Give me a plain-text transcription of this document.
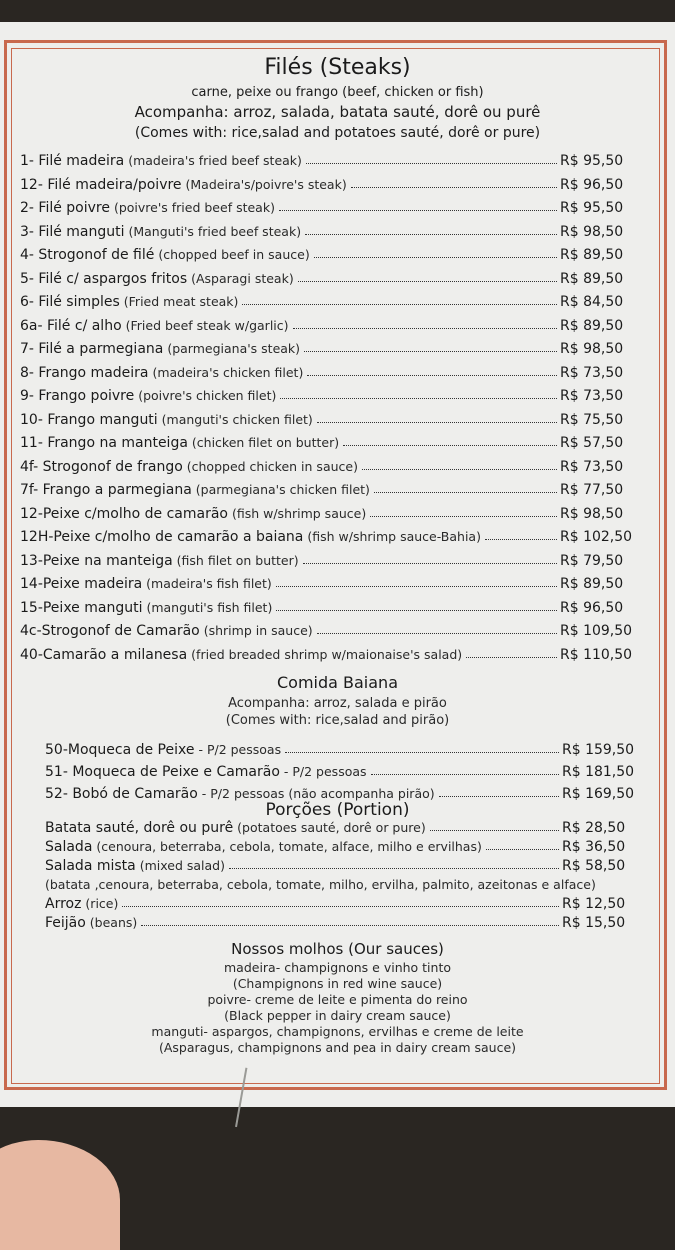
Filés (Steaks)
carne, peixe ou frango (beef, chicken or fish)
Acompanha: arroz, salada, batata sauté, dorê ou purê
(Comes with: rice,salad and potatoes sauté, dorê or pure)
1- Filé madeira (madeira's fried beef steak)	R$ 95,50
12- Filé madeira/poivre (Madeira's/poivre's steak)	R$ 96,50
2- Filé poivre (poivre's fried beef steak)	R$ 95,50
3- Filé manguti (Manguti's fried beef steak)	R$ 98,50
4- Strogonof de filé (chopped beef in sauce)	R$ 89,50
5- Filé c/ aspargos fritos (Asparagi steak)	R$ 89,50
6- Filé simples (Fried meat steak)	R$ 84,50
6a- Filé c/ alho (Fried beef steak w/garlic)	R$ 89,50
7- Filé a parmegiana (parmegiana's steak)	R$ 98,50
8- Frango madeira (madeira's chicken filet)	R$ 73,50
9- Frango poivre (poivre's chicken filet)	R$ 73,50
10- Frango manguti (manguti's chicken filet)	R$ 75,50
11- Frango na manteiga (chicken filet on butter)	R$ 57,50
4f- Strogonof de frango (chopped chicken in sauce)	R$ 73,50
7f- Frango a parmegiana (parmegiana's chicken filet)	R$ 77,50
12-Peixe c/molho de camarão (fish w/shrimp sauce)	R$ 98,50
12H-Peixe c/molho de camarão a baiana (fish w/shrimp sauce-Bahia)	R$ 102,50
13-Peixe na manteiga (fish filet on butter)	R$ 79,50
14-Peixe madeira (madeira's fish filet)	R$ 89,50
15-Peixe manguti (manguti's fish filet)	R$ 96,50
4c-Strogonof de Camarão (shrimp in sauce)	R$ 109,50
40-Camarão a milanesa (fried breaded shrimp w/maionaise's salad)	R$ 110,50
Comida Baiana
Acompanha: arroz, salada e pirão
(Comes with: rice,salad and pirão)
50-Moqueca de Peixe - P/2 pessoas	R$ 159,50
51- Moqueca de Peixe e Camarão - P/2 pessoas	R$ 181,50
52- Bobó de Camarão - P/2 pessoas (não acompanha pirão)	R$ 169,50
Porções (Portion)
Batata sauté, dorê ou purê (potatoes sauté, dorê or pure)	R$ 28,50
Salada (cenoura, beterraba, cebola, tomate, alface, milho e ervilhas)	R$ 36,50
Salada mista (mixed salad)	R$ 58,50
(batata ,cenoura, beterraba, cebola, tomate, milho, ervilha, palmito, azeitonas e alface)
Arroz (rice)	R$ 12,50
Feijão (beans)	R$ 15,50
Nossos molhos (Our sauces)
madeira- champignons e vinho tinto
(Champignons in red wine sauce)
poivre- creme de leite e pimenta do reino
(Black pepper in dairy cream sauce)
manguti- aspargos, champignons, ervilhas e creme de leite
(Asparagus, champignons and pea in dairy cream sauce)
